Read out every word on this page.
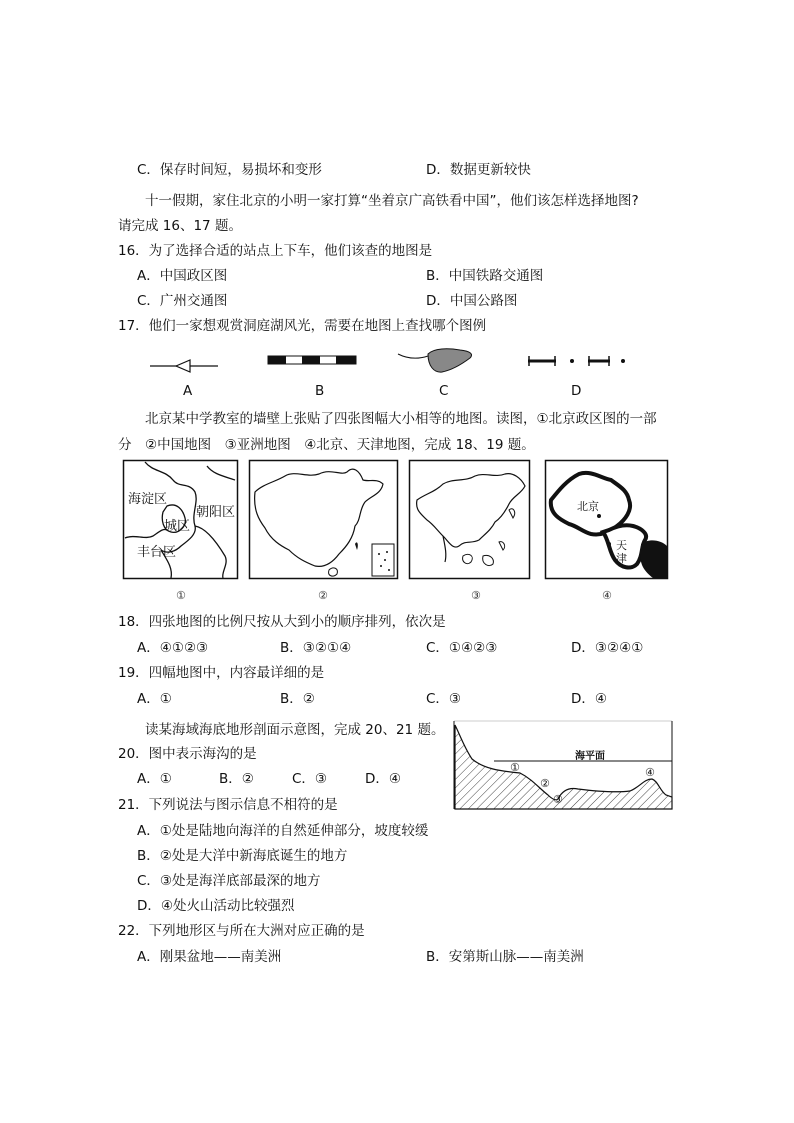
C．保存时间短，易损坏和变形	D．数据更新较快
十一假期，家住北京的小明一家打算“坐着京广高铁看中国”，他们该怎样选择地图?
请完成 16、17 题。
16．为了选择合适的站点上下车，他们该查的地图是
A．中国政区图	B．中国铁路交通图
C．广州交通图	D．中国公路图
17．他们一家想观赏洞庭湖风光，需要在地图上查找哪个图例
A	B	C	D
北京某中学教室的墙壁上张贴了四张图幅大小相等的地图。读图，①北京政区图的一部
分　②中国地图　③亚洲地图　④北京、天津地图，完成 18、19 题。
海淀区
朝阳区
城区
丰台区
北京
天
津
①	②	③	④
18．四张地图的比例尺按从大到小的顺序排列，依次是
A．④①②③	B．③②①④	C．①④②③	D．③②④①
19．四幅地图中，内容最详细的是
A．①	B．②	C．③	D．④
读某海域海底地形剖面示意图，完成 20、21 题。
海平面
①
②
③
④
20．图中表示海沟的是
A．①	B．②	C．③	D．④
21．下列说法与图示信息不相符的是
A．①处是陆地向海洋的自然延伸部分，坡度较缓
B．②处是大洋中新海底诞生的地方
C．③处是海洋底部最深的地方
D．④处火山活动比较强烈
22．下列地形区与所在大洲对应正确的是
A．刚果盆地——南美洲	B．安第斯山脉——南美洲
